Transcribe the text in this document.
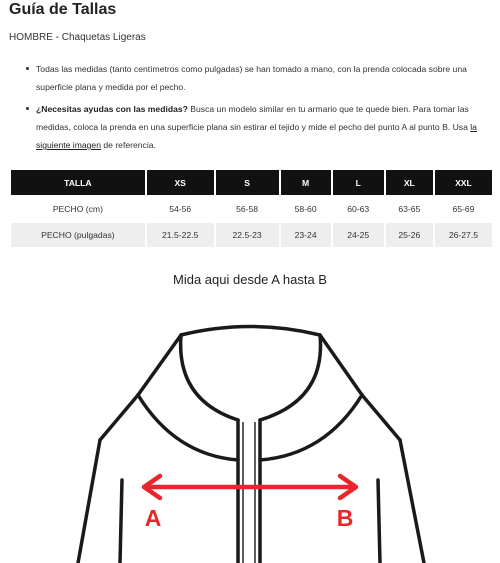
Guía de Tallas
HOMBRE - Chaquetas Ligeras
Todas las medidas (tanto centímetros como pulgadas) se han tomado a mano, con la prenda colocada sobre una superficie plana y medida por el pecho.
¿Necesitas ayudas con las medidas? Busca un modelo similar en tu armario que te quede bien. Para tomar las medidas, coloca la prenda en una superficie plana sin estirar el tejido y mide el pecho del punto A al punto B. Usa la siguiente imagen de referencia.
TALLA	XS	S	M	L	XL	XXL
PECHO (cm)	54-56	56-58	58-60	60-63	63-65	65-69
PECHO (pulgadas)	21.5-22.5	22.5-23	23-24	24-25	25-26	26-27.5
Mida aqui desde A hasta B
A	B
